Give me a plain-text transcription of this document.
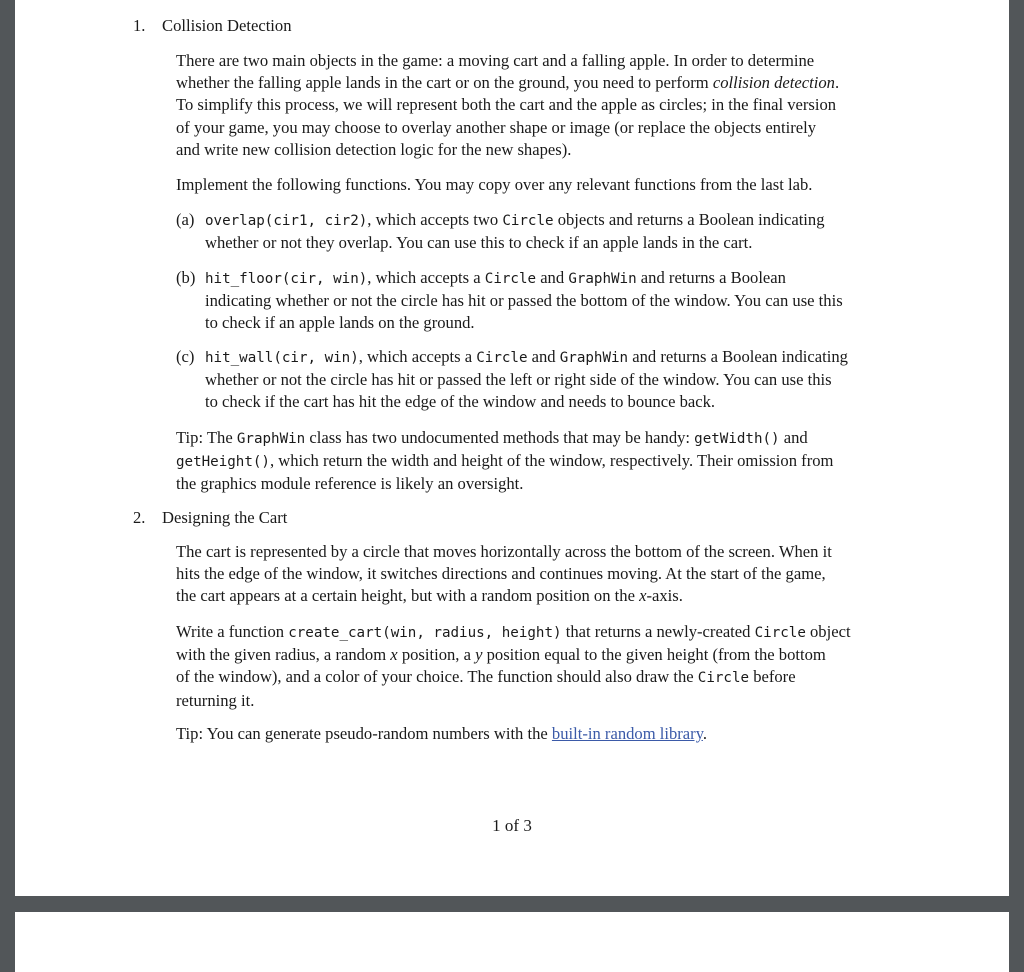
1. Collision Detection
There are two main objects in the game: a moving cart and a falling apple. In order to determine
whether the falling apple lands in the cart or on the ground, you need to perform collision detection.
To simplify this process, we will represent both the cart and the apple as circles; in the final version
of your game, you may choose to overlay another shape or image (or replace the objects entirely
and write new collision detection logic for the new shapes).
Implement the following functions. You may copy over any relevant functions from the last lab.
(a) overlap(cir1, cir2), which accepts two Circle objects and returns a Boolean indicating
whether or not they overlap. You can use this to check if an apple lands in the cart.
(b) hit_floor(cir, win), which accepts a Circle and GraphWin and returns a Boolean
indicating whether or not the circle has hit or passed the bottom of the window. You can use this
to check if an apple lands on the ground.
(c) hit_wall(cir, win), which accepts a Circle and GraphWin and returns a Boolean indicating
whether or not the circle has hit or passed the left or right side of the window. You can use this
to check if the cart has hit the edge of the window and needs to bounce back.
Tip: The GraphWin class has two undocumented methods that may be handy: getWidth() and
getHeight(), which return the width and height of the window, respectively. Their omission from
the graphics module reference is likely an oversight.
2. Designing the Cart
The cart is represented by a circle that moves horizontally across the bottom of the screen. When it
hits the edge of the window, it switches directions and continues moving. At the start of the game,
the cart appears at a certain height, but with a random position on the x-axis.
Write a function create_cart(win, radius, height) that returns a newly-created Circle object
with the given radius, a random x position, a y position equal to the given height (from the bottom
of the window), and a color of your choice. The function should also draw the Circle before
returning it.
Tip: You can generate pseudo-random numbers with the built-in random library.
1 of 3
